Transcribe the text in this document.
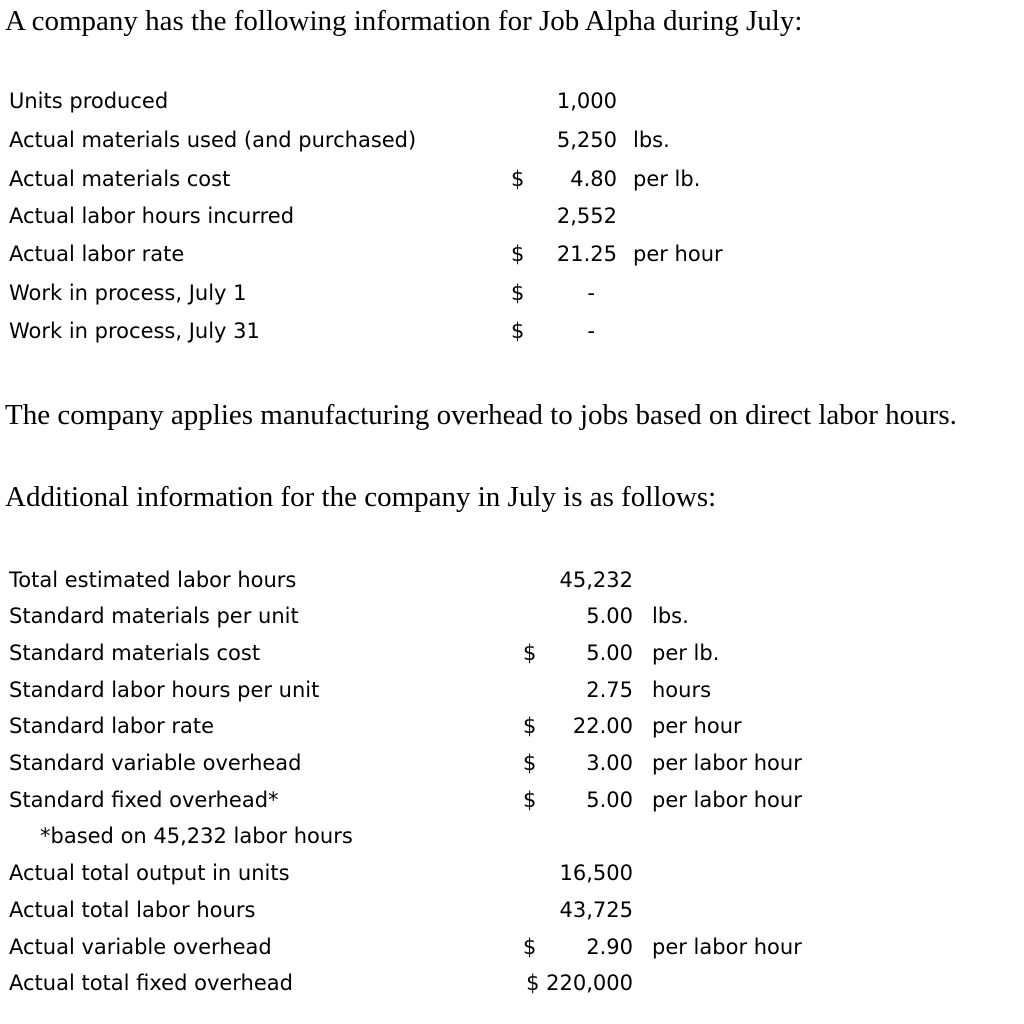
A company has the following information for Job Alpha during July:
Units produced	1,000
Actual materials used (and purchased)	5,250 lbs.
Actual materials cost	$ 4.80 per lb.
Actual labor hours incurred	2,552
Actual labor rate	$ 21.25 per hour
Work in process, July 1	$	-
Work in process, July 31	$	-
The company applies manufacturing overhead to jobs based on direct labor hours.
Additional information for the company in July is as follows:
Total estimated labor hours	45,232
Standard materials per unit	5.00 lbs.
Standard materials cost	$ 5.00 per lb.
Standard labor hours per unit	2.75 hours
Standard labor rate	$ 22.00 per hour
Standard variable overhead	$ 3.00 per labor hour
Standard fixed overhead*	$ 5.00 per labor hour
*based on 45,232 labor hours
Actual total output in units	16,500
Actual total labor hours	43,725
Actual variable overhead	$ 2.90 per labor hour
Actual total fixed overhead	$ 220,000
